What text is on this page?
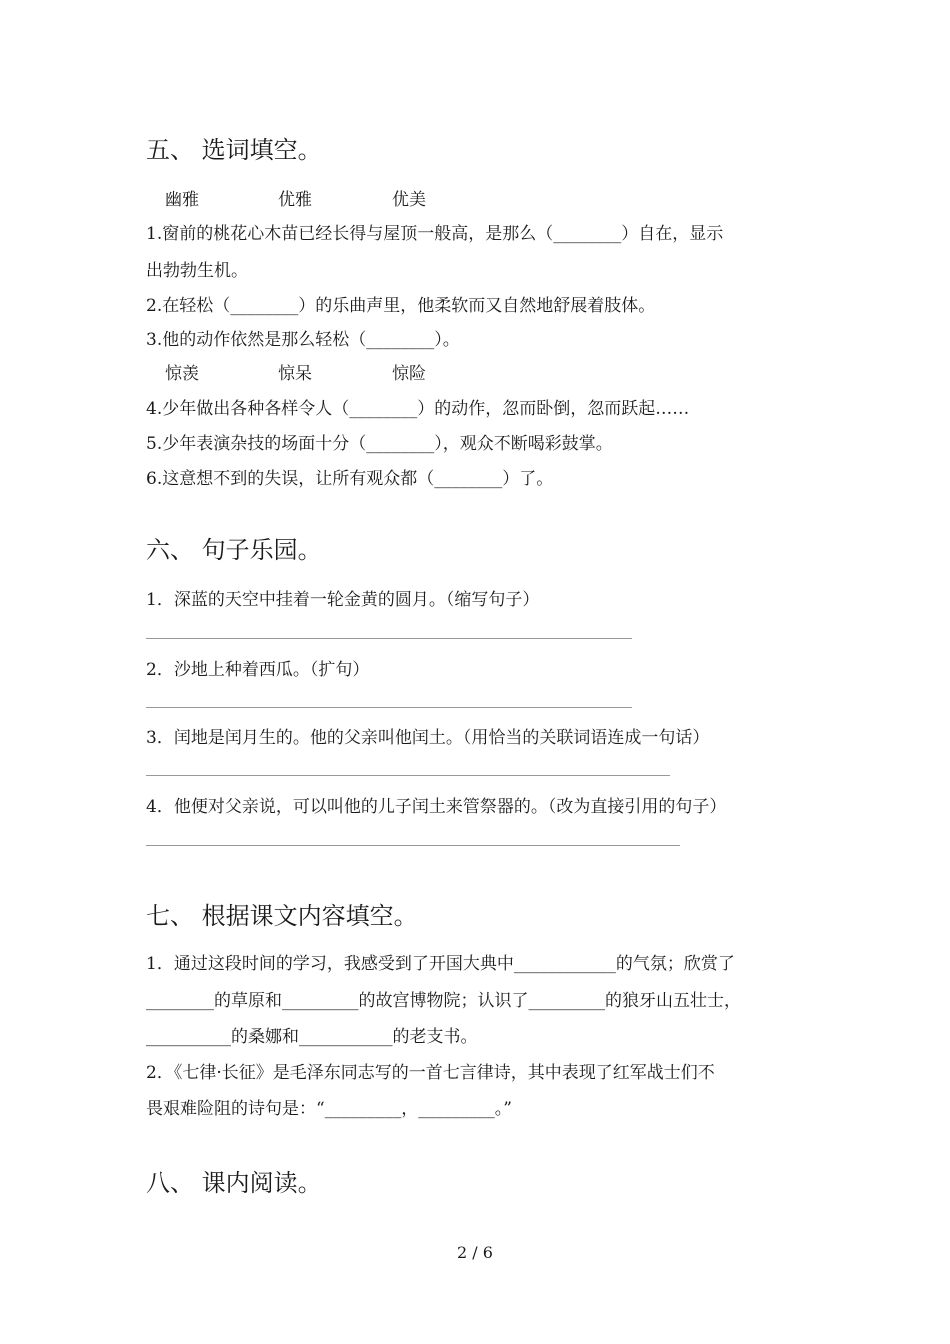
五、 选词填空。
幽雅	优雅	优美
1.窗前的桃花心木苗已经长得与屋顶一般高，是那么（________）自在，显示
出勃勃生机。
2.在轻松（________）的乐曲声里，他柔软而又自然地舒展着肢体。
3.他的动作依然是那么轻松（________）。
惊羡	惊呆	惊险
4.少年做出各种各样令人（________）的动作，忽而卧倒，忽而跃起……
5.少年表演杂技的场面十分（________），观众不断喝彩鼓掌。
6.这意想不到的失误，让所有观众都（________）了。
六、 句子乐园。
1．深蓝的天空中挂着一轮金黄的圆月。（缩写句子）
2．沙地上种着西瓜。（扩句）
3．闰地是闰月生的。他的父亲叫他闰土。（用恰当的关联词语连成一句话）
4．他便对父亲说，可以叫他的儿子闰土来管祭器的。（改为直接引用的句子）
七、 根据课文内容填空。
1．通过这段时间的学习，我感受到了开国大典中____________的气氛；欣赏了
________的草原和_________的故宫博物院；认识了_________的狼牙山五壮士，
__________的桑娜和___________的老支书。
2．《七律·长征》是毛泽东同志写的一首七言律诗，其中表现了红军战士们不
畏艰难险阻的诗句是：“_________，_________。”
八、 课内阅读。
2 / 6
